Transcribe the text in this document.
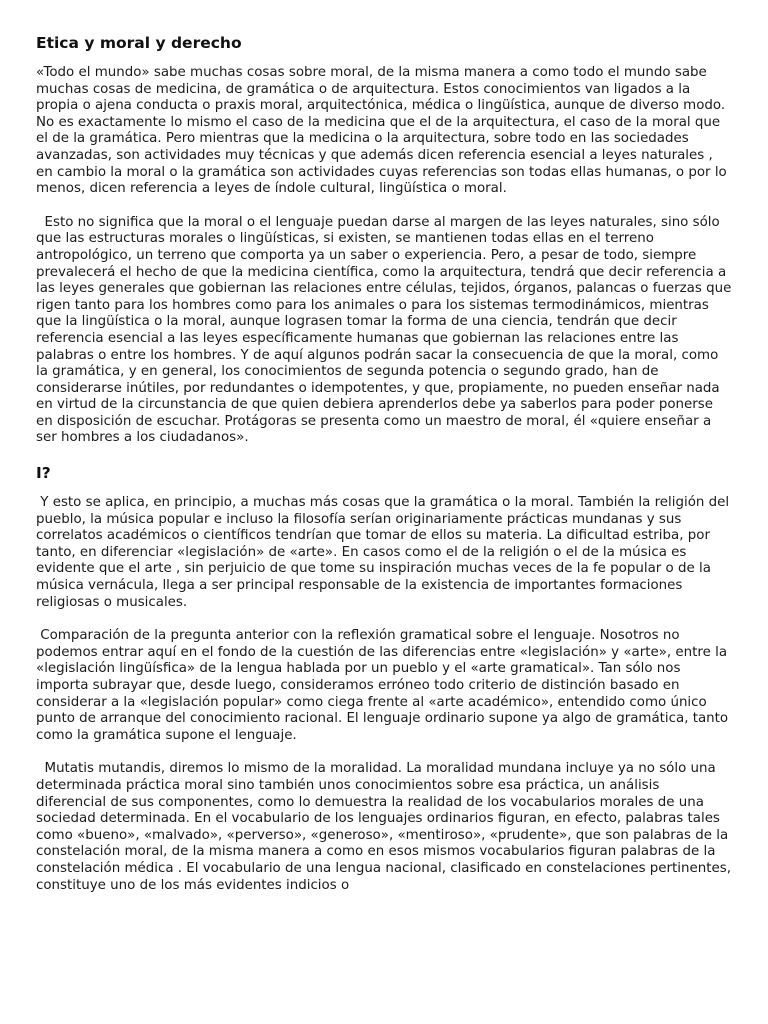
Etica y moral y derecho

«Todo el mundo» sabe muchas cosas sobre moral, de la misma manera a como todo el mundo sabe muchas cosas de medicina, de gramática o de arquitectura. Estos conocimientos van ligados a la propia o ajena conducta o praxis moral, arquitectónica, médica o lingüística, aunque de diverso modo. No es exactamente lo mismo el caso de la medicina que el de la arquitectura, el caso de la moral que el de la gramática. Pero mientras que la medicina o la arquitectura, sobre todo en las sociedades avanzadas, son actividades muy técnicas y que además dicen referencia esencial a leyes naturales , en cambio la moral o la gramática son actividades cuyas referencias son todas ellas humanas, o por lo menos, dicen referencia a leyes de índole cultural, lingüística o moral.

Esto no significa que la moral o el lenguaje puedan darse al margen de las leyes naturales, sino sólo que las estructuras morales o lingüísticas, si existen, se mantienen todas ellas en el terreno antropológico, un terreno que comporta ya un saber o experiencia. Pero, a pesar de todo, siempre prevalecerá el hecho de que la medicina científica, como la arquitectura, tendrá que decir referencia a las leyes generales que gobiernan las relaciones entre células, tejidos, órganos, palancas o fuerzas que rigen tanto para los hombres como para los animales o para los sistemas termodinámicos, mientras que la lingüística o la moral, aunque lograsen tomar la forma de una ciencia, tendrán que decir referencia esencial a las leyes específicamente humanas que gobiernan las relaciones entre las palabras o entre los hombres. Y de aquí algunos podrán sacar la consecuencia de que la moral, como la gramática, y en general, los conocimientos de segunda potencia o segundo grado, han de considerarse inútiles, por redundantes o idempotentes, y que, propiamente, no pueden enseñar nada en virtud de la circunstancia de que quien debiera aprenderlos debe ya saberlos para poder ponerse en disposición de escuchar. Protágoras se presenta como un maestro de moral, él «quiere enseñar a ser hombres a los ciudadanos».

I?

Y esto se aplica, en principio, a muchas más cosas que la gramática o la moral. También la religión del pueblo, la música popular e incluso la filosofía serían originariamente prácticas mundanas y sus correlatos académicos o científicos tendrían que tomar de ellos su materia. La dificultad estriba, por tanto, en diferenciar «legislación» de «arte». En casos como el de la religión o el de la música es evidente que el arte , sin perjuicio de que tome su inspiración muchas veces de la fe popular o de la música vernácula, llega a ser principal responsable de la existencia de importantes formaciones religiosas o musicales.

Comparación de la pregunta anterior con la reflexión gramatical sobre el lenguaje. Nosotros no podemos entrar aquí en el fondo de la cuestión de las diferencias entre «legislación» y «arte», entre la «legislación lingüísfica» de la lengua hablada por un pueblo y el «arte gramatical». Tan sólo nos importa subrayar que, desde luego, consideramos erróneo todo criterio de distinción basado en considerar a la «legislación popular» como ciega frente al «arte académico», entendido como único punto de arranque del conocimiento racional. El lenguaje ordinario supone ya algo de gramática, tanto como la gramática supone el lenguaje.

Mutatis mutandis, diremos lo mismo de la moralidad. La moralidad mundana incluye ya no sólo una determinada práctica moral sino también unos conocimientos sobre esa práctica, un análisis diferencial de sus componentes, como lo demuestra la realidad de los vocabularios morales de una sociedad determinada. En el vocabulario de los lenguajes ordinarios figuran, en efecto, palabras tales como «bueno», «malvado», «perverso», «generoso», «mentiroso», «prudente», que son palabras de la constelación moral, de la misma manera a como en esos mismos vocabularios figuran palabras de la constelación médica . El vocabulario de una lengua nacional, clasificado en constelaciones pertinentes, constituye uno de los más evidentes indicios o
